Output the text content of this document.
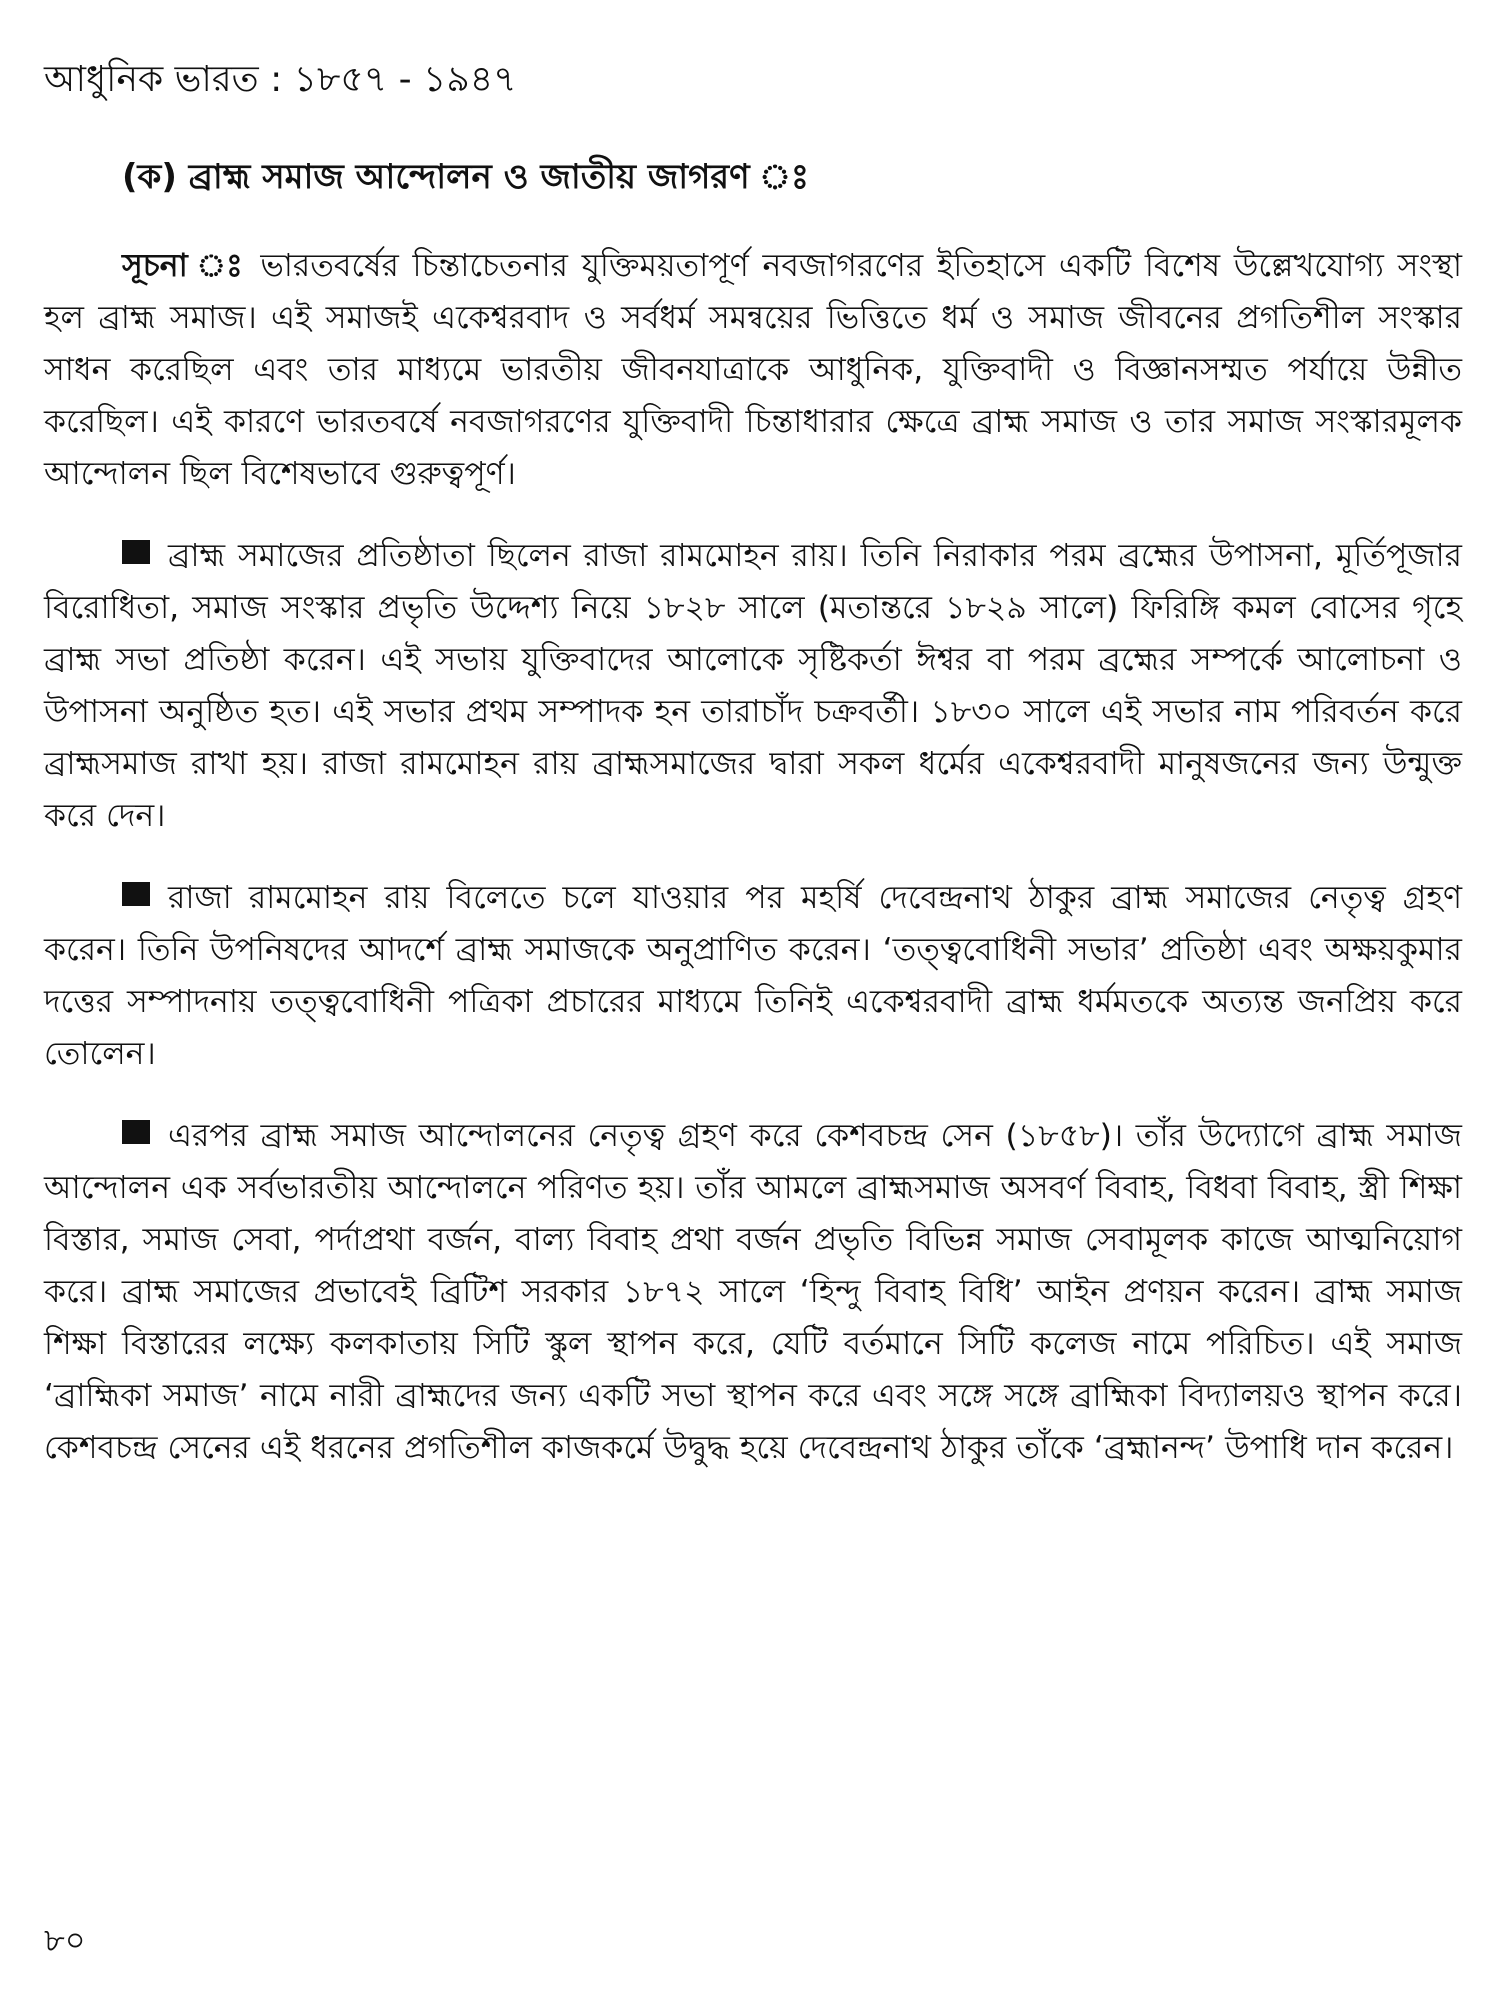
আধুনিক ভারত : ১৮৫৭ - ১৯৪৭
(ক) ব্রাহ্ম সমাজ আন্দোলন ও জাতীয় জাগরণ ঃ

সূচনা ঃ ভারতবর্ষের চিন্তাচেতনার যুক্তিময়তাপূর্ণ নবজাগরণের ইতিহাসে একটি বিশেষ উল্লেখযোগ্য সংস্থা হল ব্রাহ্ম সমাজ। এই সমাজই একেশ্বরবাদ ও সর্বধর্ম সমন্বয়ের ভিত্তিতে ধর্ম ও সমাজ জীবনের প্রগতিশীল সংস্কার সাধন করেছিল এবং তার মাধ্যমে ভারতীয় জীবনযাত্রাকে আধুনিক, যুক্তিবাদী ও বিজ্ঞানসম্মত পর্যায়ে উন্নীত করেছিল। এই কারণে ভারতবর্ষে নবজাগরণের যুক্তিবাদী চিন্তাধারার ক্ষেত্রে ব্রাহ্ম সমাজ ও তার সমাজ সংস্কারমূলক আন্দোলন ছিল বিশেষভাবে গুরুত্বপূর্ণ।

ব্রাহ্ম সমাজের প্রতিষ্ঠাতা ছিলেন রাজা রামমোহন রায়। তিনি নিরাকার পরম ব্রহ্মের উপাসনা, মূর্তিপূজার বিরোধিতা, সমাজ সংস্কার প্রভৃতি উদ্দেশ্য নিয়ে ১৮২৮ সালে (মতান্তরে ১৮২৯ সালে) ফিরিঙ্গি কমল বোসের গৃহে ব্রাহ্ম সভা প্রতিষ্ঠা করেন। এই সভায় যুক্তিবাদের আলোকে সৃষ্টিকর্তা ঈশ্বর বা পরম ব্রহ্মের সম্পর্কে আলোচনা ও উপাসনা অনুষ্ঠিত হত। এই সভার প্রথম সম্পাদক হন তারাচাঁদ চক্রবর্তী। ১৮৩০ সালে এই সভার নাম পরিবর্তন করে ব্রাহ্মসমাজ রাখা হয়। রাজা রামমোহন রায় ব্রাহ্মসমাজের দ্বারা সকল ধর্মের একেশ্বরবাদী মানুষজনের জন্য উন্মুক্ত করে দেন।

রাজা রামমোহন রায় বিলেতে চলে যাওয়ার পর মহর্ষি দেবেন্দ্রনাথ ঠাকুর ব্রাহ্ম সমাজের নেতৃত্ব গ্রহণ করেন। তিনি উপনিষদের আদর্শে ব্রাহ্ম সমাজকে অনুপ্রাণিত করেন। ‘তত্ত্ববোধিনী সভার’ প্রতিষ্ঠা এবং অক্ষয়কুমার দত্তের সম্পাদনায় তত্ত্ববোধিনী পত্রিকা প্রচারের মাধ্যমে তিনিই একেশ্বরবাদী ব্রাহ্ম ধর্মমতকে অত্যন্ত জনপ্রিয় করে তোলেন।

এরপর ব্রাহ্ম সমাজ আন্দোলনের নেতৃত্ব গ্রহণ করে কেশবচন্দ্র সেন (১৮৫৮)। তাঁর উদ্যোগে ব্রাহ্ম সমাজ আন্দোলন এক সর্বভারতীয় আন্দোলনে পরিণত হয়। তাঁর আমলে ব্রাহ্মসমাজ অসবর্ণ বিবাহ, বিধবা বিবাহ, স্ত্রী শিক্ষা বিস্তার, সমাজ সেবা, পর্দাপ্রথা বর্জন, বাল্য বিবাহ প্রথা বর্জন প্রভৃতি বিভিন্ন সমাজ সেবামূলক কাজে আত্মনিয়োগ করে। ব্রাহ্ম সমাজের প্রভাবেই ব্রিটিশ সরকার ১৮৭২ সালে ‘হিন্দু বিবাহ বিধি’ আইন প্রণয়ন করেন। ব্রাহ্ম সমাজ শিক্ষা বিস্তারের লক্ষ্যে কলকাতায় সিটি স্কুল স্থাপন করে, যেটি বর্তমানে সিটি কলেজ নামে পরিচিত। এই সমাজ ‘ব্রাহ্মিকা সমাজ’ নামে নারী ব্রাহ্মদের জন্য একটি সভা স্থাপন করে এবং সঙ্গে সঙ্গে ব্রাহ্মিকা বিদ্যালয়ও স্থাপন করে। কেশবচন্দ্র সেনের এই ধরনের প্রগতিশীল কাজকর্মে উদ্বুদ্ধ হয়ে দেবেন্দ্রনাথ ঠাকুর তাঁকে ‘ব্রহ্মানন্দ’ উপাধি দান করেন।

৮০
